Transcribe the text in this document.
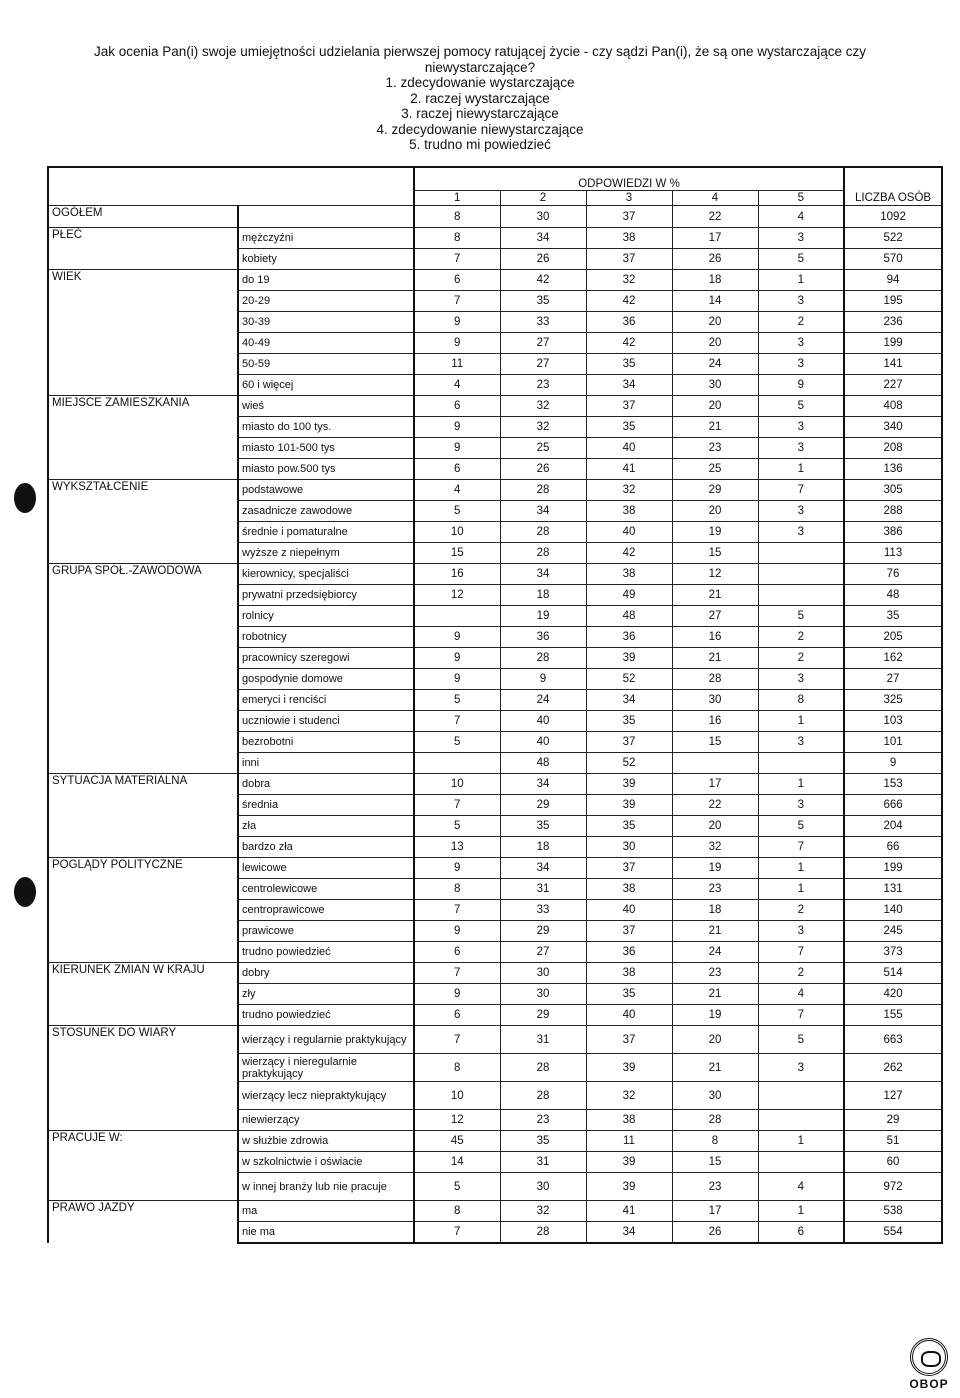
Jak ocenia Pan(i) swoje umiejętności udzielania pierwszej pomocy ratującej życie - czy sądzi Pan(i), że są one wystarczające czy
niewystarczające?
1. zdecydowanie wystarczające
2. raczej wystarczające
3. raczej niewystarczające
4. zdecydowanie niewystarczające
5. trudno mi powiedzieć
		ODPOWIEDZI W %					LICZBA OSÓB
		1	2	3	4	5	
OGÓŁEM		8	30	37	22	4	1092
PŁEĆ	mężczyźni	8	34	38	17	3	522
	kobiety	7	26	37	26	5	570
WIEK	do 19	6	42	32	18	1	94
	20-29	7	35	42	14	3	195
	30-39	9	33	36	20	2	236
	40-49	9	27	42	20	3	199
	50-59	11	27	35	24	3	141
	60 i więcej	4	23	34	30	9	227
MIEJSCE ZAMIESZKANIA	wieś	6	32	37	20	5	408
	miasto do 100 tys.	9	32	35	21	3	340
	miasto 101-500 tys	9	25	40	23	3	208
	miasto pow.500 tys	6	26	41	25	1	136
WYKSZTAŁCENIE	podstawowe	4	28	32	29	7	305
	zasadnicze zawodowe	5	34	38	20	3	288
	średnie i pomaturalne	10	28	40	19	3	386
	wyższe z niepełnym	15	28	42	15		113
GRUPA SPOŁ.-ZAWODOWA	kierownicy, specjaliści	16	34	38	12		76
	prywatni przedsiębiorcy	12	18	49	21		48
	rolnicy		19	48	27	5	35
	robotnicy	9	36	36	16	2	205
	pracownicy szeregowi	9	28	39	21	2	162
	gospodynie domowe	9	9	52	28	3	27
	emeryci i renciści	5	24	34	30	8	325
	uczniowie i studenci	7	40	35	16	1	103
	bezrobotni	5	40	37	15	3	101
	inni		48	52			9
SYTUACJA MATERIALNA	dobra	10	34	39	17	1	153
	średnia	7	29	39	22	3	666
	zła	5	35	35	20	5	204
	bardzo zła	13	18	30	32	7	66
POGLĄDY POLITYCZNE	lewicowe	9	34	37	19	1	199
	centrolewicowe	8	31	38	23	1	131
	centroprawicowe	7	33	40	18	2	140
	prawicowe	9	29	37	21	3	245
	trudno powiedzieć	6	27	36	24	7	373
KIERUNEK ZMIAN W KRAJU	dobry	7	30	38	23	2	514
	zły	9	30	35	21	4	420
	trudno powiedzieć	6	29	40	19	7	155
STOSUNEK DO WIARY	wierzący i regularnie praktykujący	7	31	37	20	5	663
	wierzący i nieregularnie praktykujący	8	28	39	21	3	262
	wierzący lecz niepraktykujący	10	28	32	30		127
	niewierzący	12	23	38	28		29
PRACUJE W:	w służbie zdrowia	45	35	11	8	1	51
	w szkolnictwie i oświacie	14	31	39	15		60
	w innej branży lub nie pracuje	5	30	39	23	4	972
PRAWO JAZDY	ma	8	32	41	17	1	538
	nie ma	7	28	34	26	6	554
OBOP
